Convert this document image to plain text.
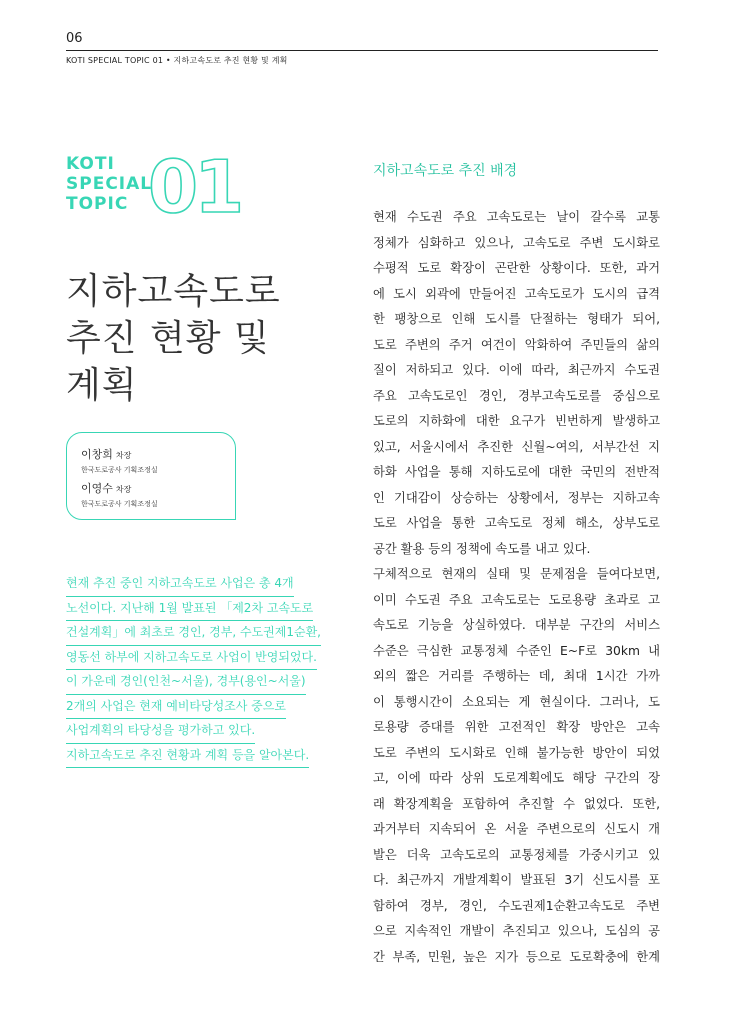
06
KOTI SPECIAL TOPIC 01 • 지하고속도로 추진 현황 및 계획
KOTI
SPECIAL
TOPIC 01
지하고속도로
추진 현황 및
계획
이창희 차장
한국도로공사 기획조정실
이영수 차장
한국도로공사 기획조정실
현재 추진 중인 지하고속도로 사업은 총 4개
노선이다. 지난해 1월 발표된 「제2차 고속도로
건설계획」에 최초로 경인, 경부, 수도권제1순환,
영동선 하부에 지하고속도로 사업이 반영되었다.
이 가운데 경인(인천~서울), 경부(용인~서울)
2개의 사업은 현재 예비타당성조사 중으로
사업계획의 타당성을 평가하고 있다.
지하고속도로 추진 현황과 계획 등을 알아본다.
지하고속도로 추진 배경
현재 수도권 주요 고속도로는 날이 갈수록 교통
정체가 심화하고 있으나, 고속도로 주변 도시화로
수평적 도로 확장이 곤란한 상황이다. 또한, 과거
에 도시 외곽에 만들어진 고속도로가 도시의 급격
한 팽창으로 인해 도시를 단절하는 형태가 되어,
도로 주변의 주거 여건이 악화하여 주민들의 삶의
질이 저하되고 있다. 이에 따라, 최근까지 수도권
주요 고속도로인 경인, 경부고속도로를 중심으로
도로의 지하화에 대한 요구가 빈번하게 발생하고
있고, 서울시에서 추진한 신월~여의, 서부간선 지
하화 사업을 통해 지하도로에 대한 국민의 전반적
인 기대감이 상승하는 상황에서, 정부는 지하고속
도로 사업을 통한 고속도로 정체 해소, 상부도로
공간 활용 등의 정책에 속도를 내고 있다.
구체적으로 현재의 실태 및 문제점을 들여다보면,
이미 수도권 주요 고속도로는 도로용량 초과로 고
속도로 기능을 상실하였다. 대부분 구간의 서비스
수준은 극심한 교통정체 수준인 E~F로 30km 내
외의 짧은 거리를 주행하는 데, 최대 1시간 가까
이 통행시간이 소요되는 게 현실이다. 그러나, 도
로용량 증대를 위한 고전적인 확장 방안은 고속
도로 주변의 도시화로 인해 불가능한 방안이 되었
고, 이에 따라 상위 도로계획에도 해당 구간의 장
래 확장계획을 포함하여 추진할 수 없었다. 또한,
과거부터 지속되어 온 서울 주변으로의 신도시 개
발은 더욱 고속도로의 교통정체를 가중시키고 있
다. 최근까지 개발계획이 발표된 3기 신도시를 포
함하여 경부, 경인, 수도권제1순환고속도로 주변
으로 지속적인 개발이 추진되고 있으나, 도심의 공
간 부족, 민원, 높은 지가 등으로 도로확충에 한계
